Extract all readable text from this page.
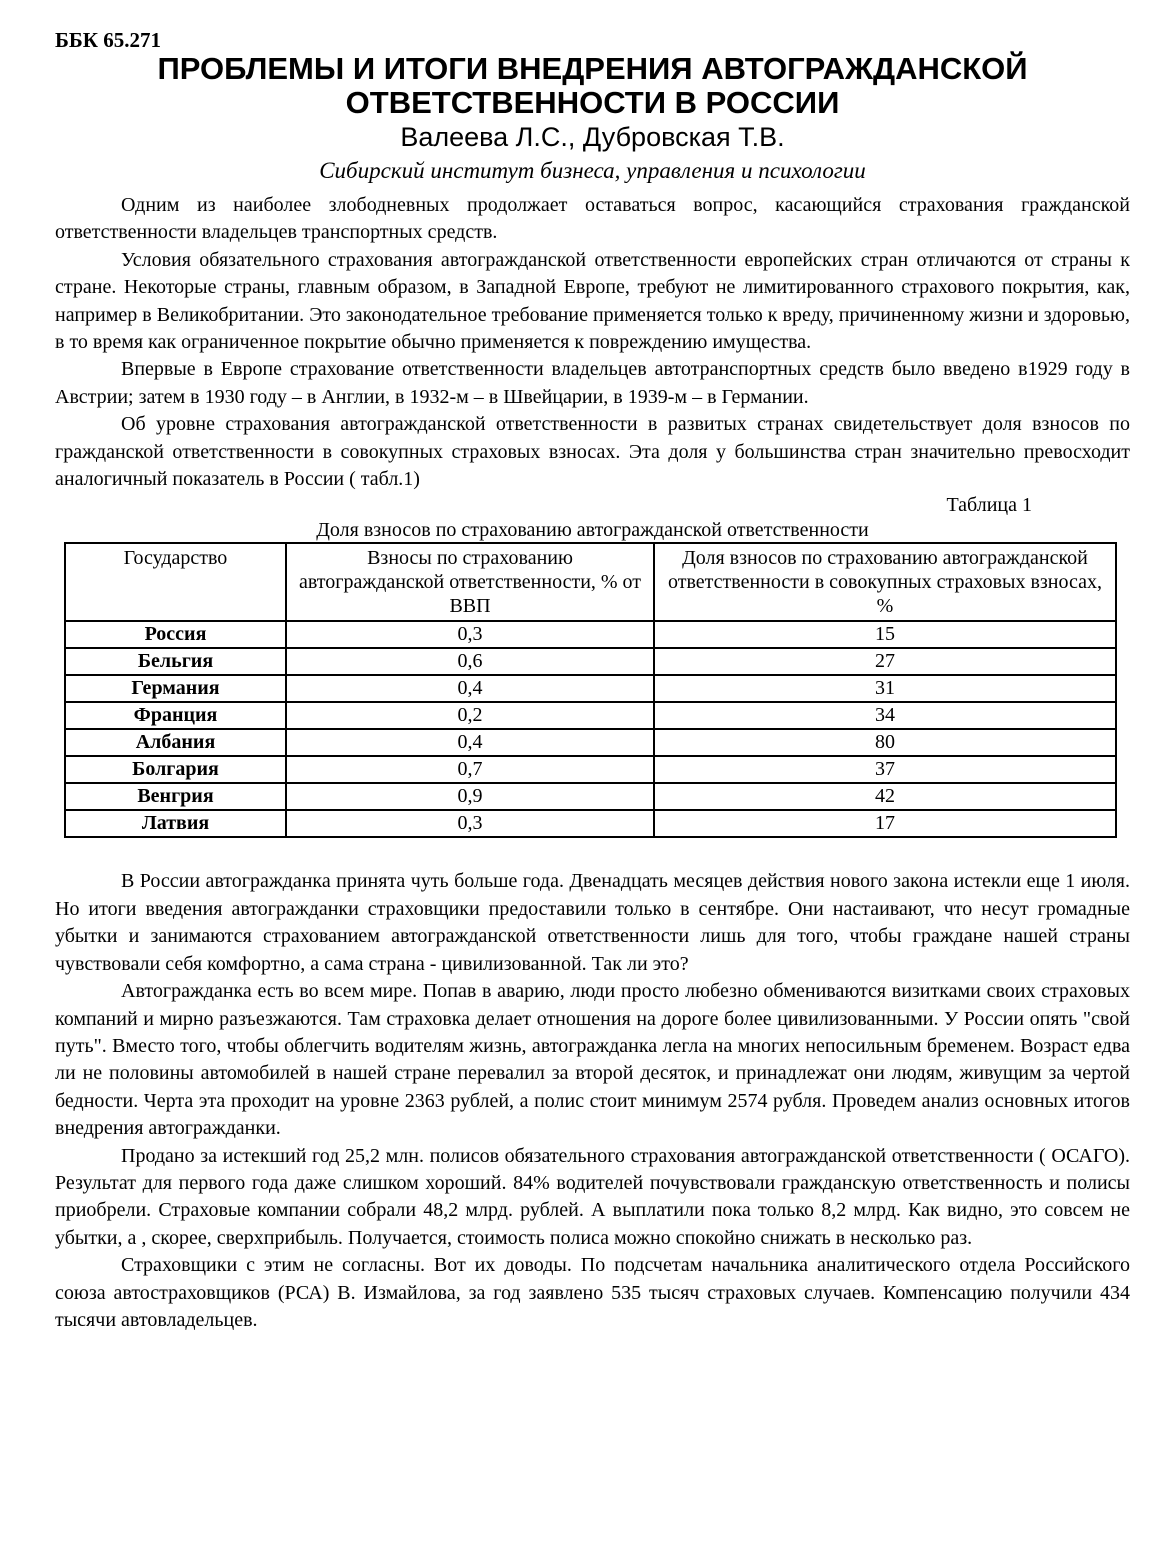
ББК 65.271

ПРОБЛЕМЫ И ИТОГИ ВНЕДРЕНИЯ АВТОГРАЖДАНСКОЙ

ОТВЕТСТВЕННОСТИ В РОССИИ

Валеева Л.С., Дубровская Т.В.

Сибирский институт бизнеса, управления и психологии

Одним из наиболее злободневных продолжает оставаться вопрос, касающийся страхования гражданской ответственности владельцев транспортных средств.

Условия обязательного страхования автогражданской ответственности европейских стран отличаются от страны к стране. Некоторые страны, главным образом, в Западной Европе, требуют не лимитированного страхового покрытия, как, например в Великобритании. Это законодательное требование применяется только к вреду, причиненному жизни и здоровью, в то время как ограниченное покрытие обычно применяется к повреждению имущества.

Впервые в Европе страхование ответственности владельцев автотранспортных средств было введено в1929 году в Австрии; затем в 1930 году – в Англии, в 1932-м – в Швейцарии, в 1939-м – в Германии.

Об уровне страхования автогражданской ответственности в развитых странах свидетельствует доля взносов по гражданской ответственности в совокупных страховых взносах. Эта доля у большинства стран значительно превосходит аналогичный показатель в России ( табл.1)

Таблица 1

Доля взносов по страхованию автогражданской ответственности

Государство	Взносы по страхованию автогражданской ответственности, % от ВВП	Доля взносов по страхованию автогражданской ответственности в совокупных страховых взносах, %
Россия	0,3	15
Бельгия	0,6	27
Германия	0,4	31
Франция	0,2	34
Албания	0,4	80
Болгария	0,7	37
Венгрия	0,9	42
Латвия	0,3	17

В России автогражданка принята чуть больше года. Двенадцать месяцев действия нового закона истекли еще 1 июля. Но итоги введения автогражданки страховщики предоставили только в сентябре. Они настаивают, что несут громадные убытки и занимаются страхованием автогражданской ответственности лишь для того, чтобы граждане нашей страны чувствовали себя комфортно, а сама страна - цивилизованной. Так ли это?

Автогражданка есть во всем мире. Попав в аварию, люди просто любезно обмениваются визитками своих страховых компаний и мирно разъезжаются. Там страховка делает отношения на дороге более цивилизованными. У России опять "свой путь". Вместо того, чтобы облегчить водителям жизнь, автогражданка легла на многих непосильным бременем. Возраст едва ли не половины автомобилей в нашей стране перевалил за второй десяток, и принадлежат они людям, живущим за чертой бедности. Черта эта проходит на уровне 2363 рублей, а полис стоит минимум 2574 рубля. Проведем анализ основных итогов внедрения автогражданки.

Продано за истекший год 25,2 млн. полисов обязательного страхования автогражданской ответственности ( ОСАГО). Результат для первого года даже слишком хороший. 84% водителей почувствовали гражданскую ответственность и полисы приобрели. Страховые компании собрали 48,2 млрд. рублей. А выплатили пока только 8,2 млрд. Как видно, это совсем не убытки, а , скорее, сверхприбыль. Получается, стоимость полиса можно спокойно снижать в несколько раз.

Страховщики с этим не согласны. Вот их доводы. По подсчетам начальника аналитического отдела Российского союза автостраховщиков (РСА) В. Измайлова, за год заявлено 535 тысяч страховых случаев. Компенсацию получили 434 тысячи автовладельцев.
